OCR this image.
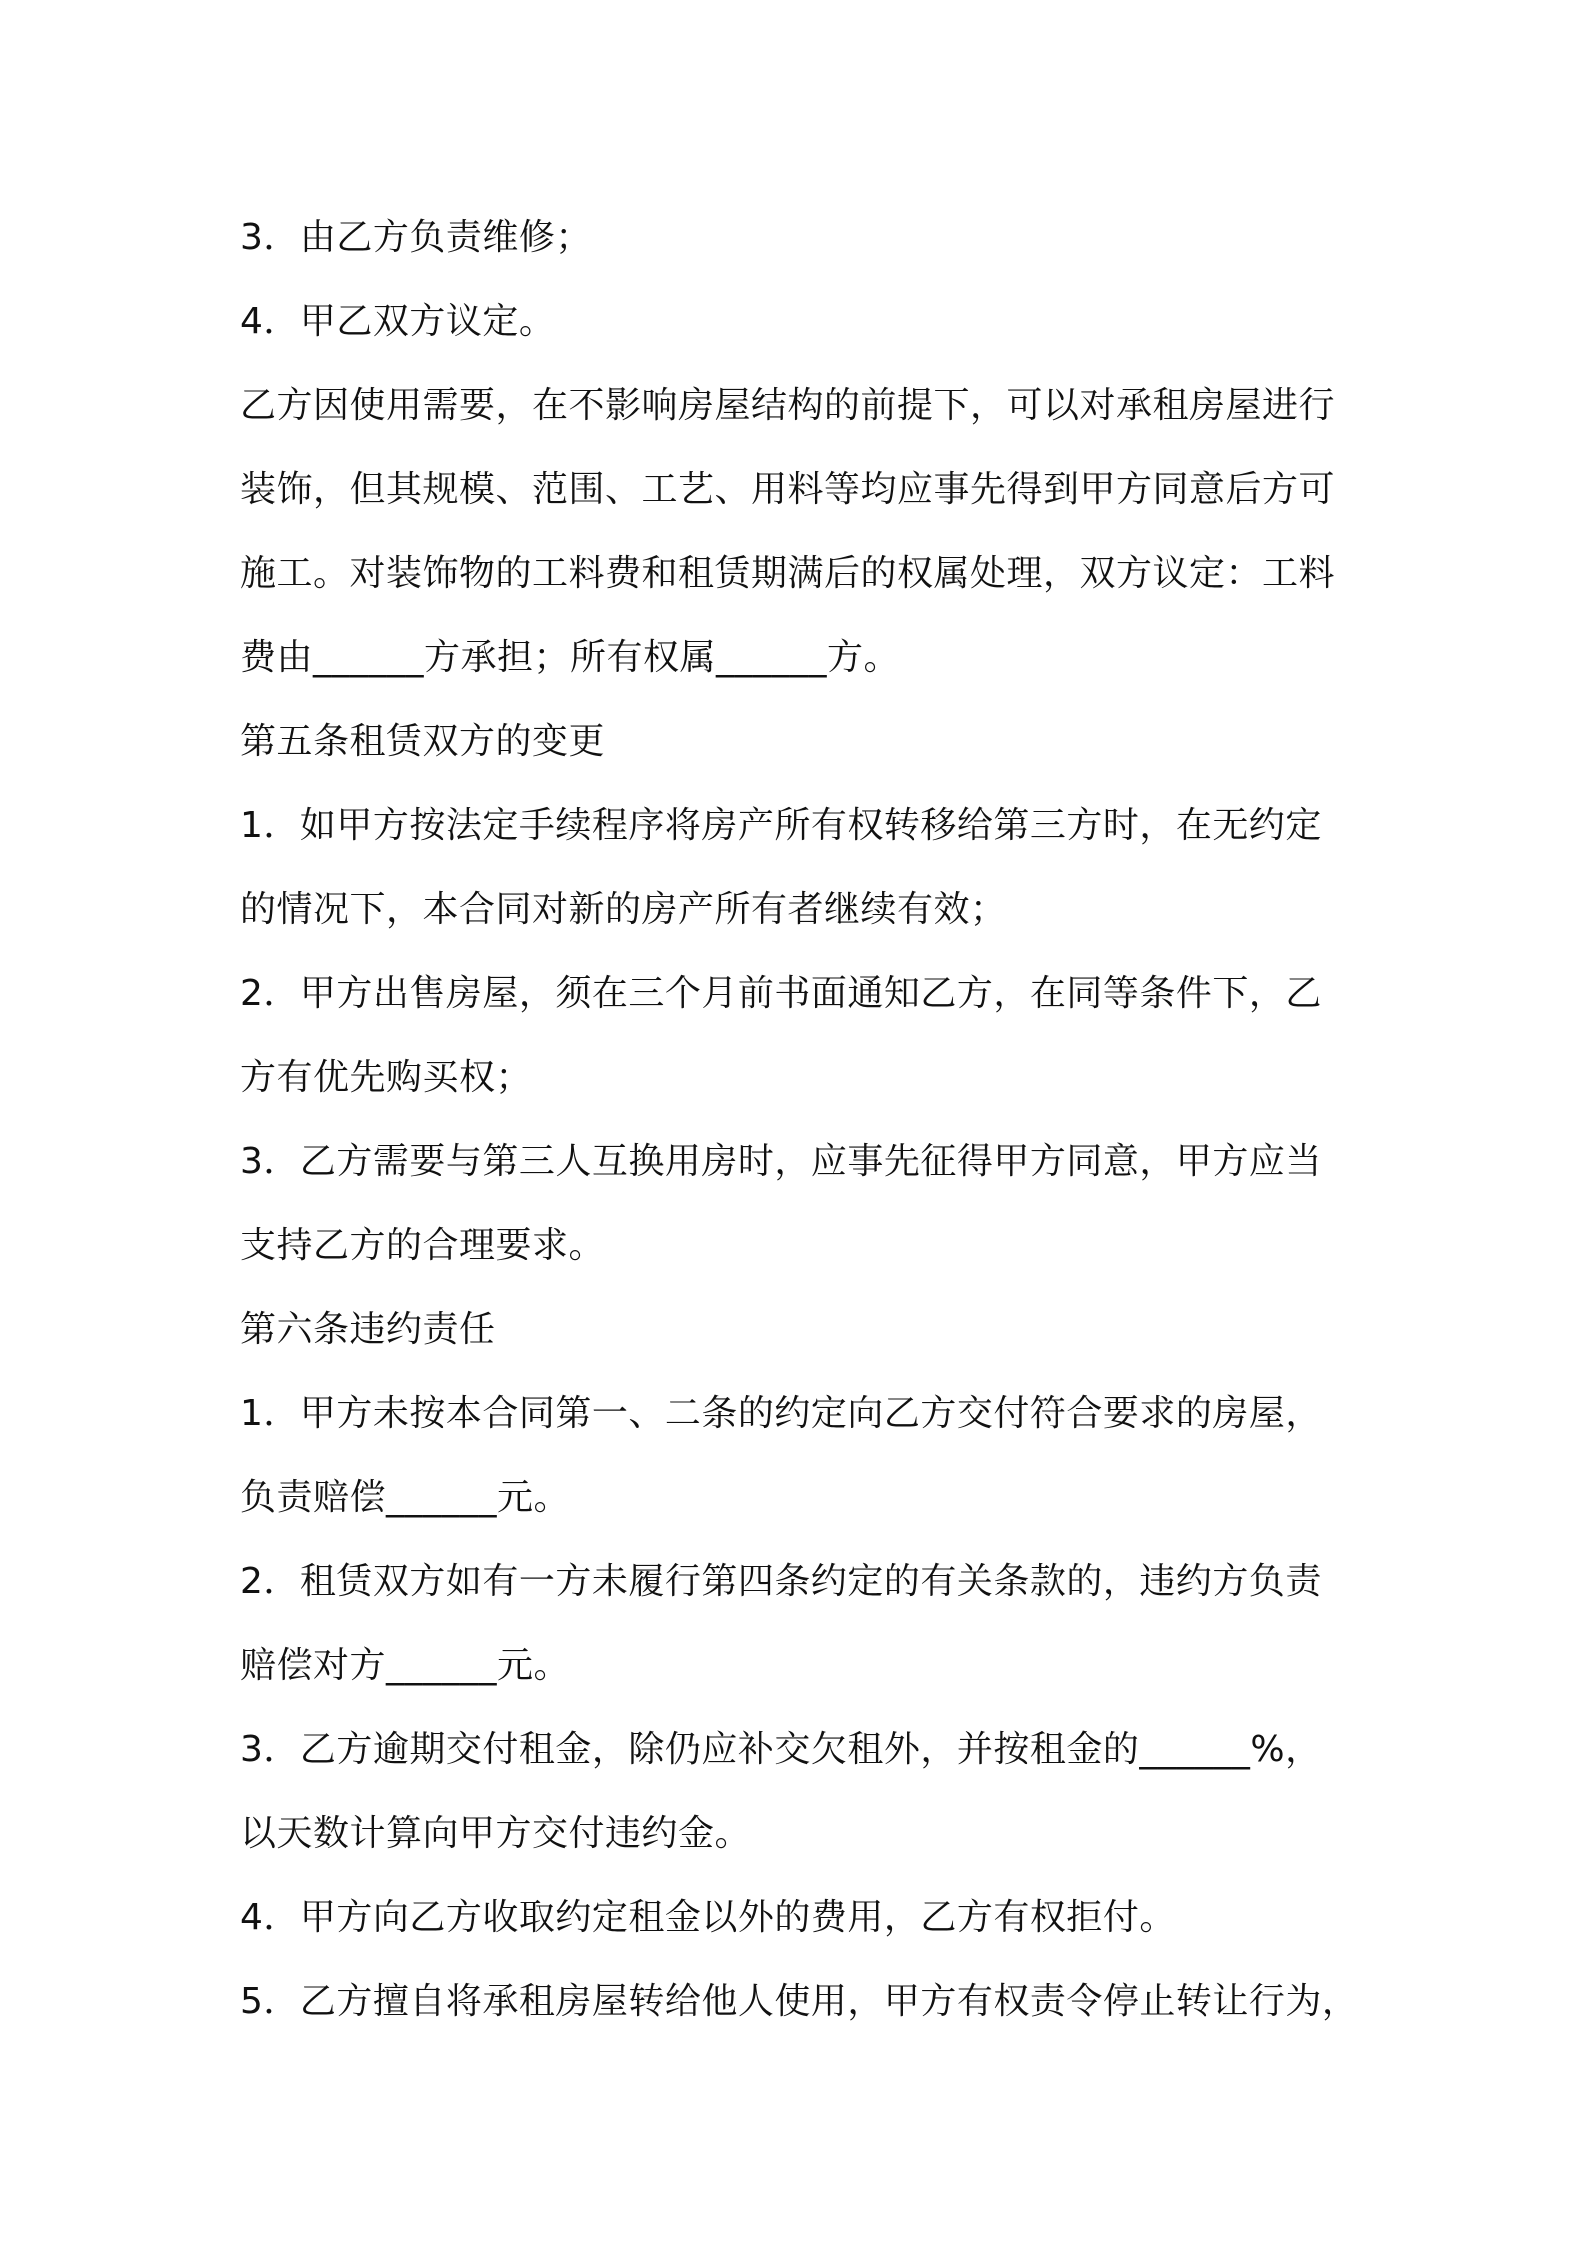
3．由乙方负责维修；
4．甲乙双方议定。
乙方因使用需要，在不影响房屋结构的前提下，可以对承租房屋进行
装饰，但其规模、范围、工艺、用料等均应事先得到甲方同意后方可
施工。对装饰物的工料费和租赁期满后的权属处理，双方议定：工料
费由______方承担；所有权属______方。
第五条租赁双方的变更
1．如甲方按法定手续程序将房产所有权转移给第三方时，在无约定
的情况下，本合同对新的房产所有者继续有效；
2．甲方出售房屋，须在三个月前书面通知乙方，在同等条件下，乙
方有优先购买权；
3．乙方需要与第三人互换用房时，应事先征得甲方同意，甲方应当
支持乙方的合理要求。
第六条违约责任
1．甲方未按本合同第一、二条的约定向乙方交付符合要求的房屋，
负责赔偿______元。
2．租赁双方如有一方未履行第四条约定的有关条款的，违约方负责
赔偿对方______元。
3．乙方逾期交付租金，除仍应补交欠租外，并按租金的______%，
以天数计算向甲方交付违约金。
4．甲方向乙方收取约定租金以外的费用，乙方有权拒付。
5．乙方擅自将承租房屋转给他人使用，甲方有权责令停止转让行为，
